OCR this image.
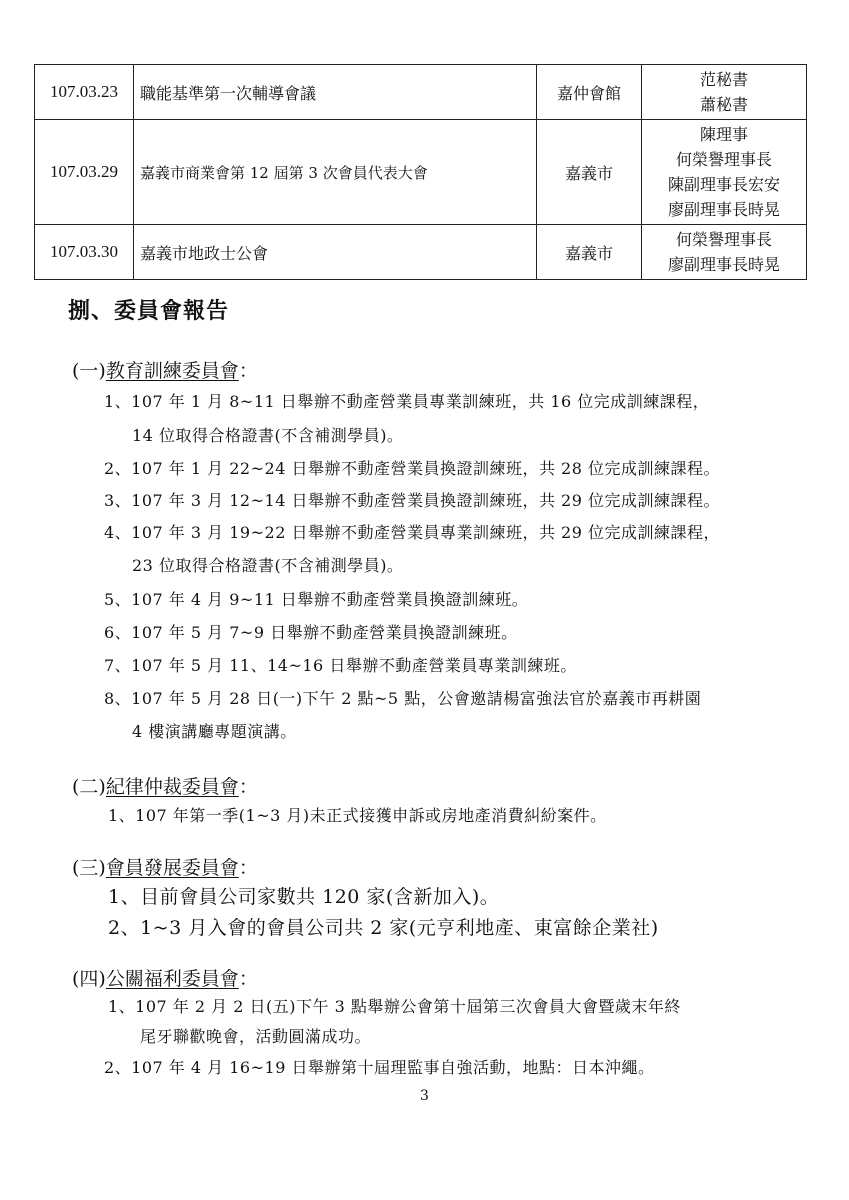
107.03.23	職能基準第一次輔導會議	嘉仲會館	范秘書
蕭秘書

107.03.29	嘉義市商業會第 12 屆第 3 次會員代表大會	嘉義市	陳理事
何榮譽理事長
陳副理事長宏安
廖副理事長時晃

107.03.30	嘉義市地政士公會	嘉義市	何榮譽理事長
廖副理事長時晃
捌、委員會報告
(一)教育訓練委員會：
1、107 年 1 月 8~11 日舉辦不動產營業員專業訓練班，共 16 位完成訓練課程，
14 位取得合格證書(不含補測學員)。
2、107 年 1 月 22~24 日舉辦不動產營業員換證訓練班，共 28 位完成訓練課程。
3、107 年 3 月 12~14 日舉辦不動產營業員換證訓練班，共 29 位完成訓練課程。
4、107 年 3 月 19~22 日舉辦不動產營業員專業訓練班，共 29 位完成訓練課程，
23 位取得合格證書(不含補測學員)。
5、107 年 4 月 9~11 日舉辦不動產營業員換證訓練班。
6、107 年 5 月 7~9 日舉辦不動產營業員換證訓練班。
7、107 年 5 月 11、14~16 日舉辦不動產營業員專業訓練班。
8、107 年 5 月 28 日(一)下午 2 點~5 點，公會邀請楊富強法官於嘉義市再耕園
4 樓演講廳專題演講。
(二)紀律仲裁委員會：
1、107 年第一季(1~3 月)未正式接獲申訴或房地產消費糾紛案件。
(三)會員發展委員會：
1、目前會員公司家數共 120 家(含新加入)。
2、1~3 月入會的會員公司共 2 家(元亨利地產、東富餘企業社)
(四)公關福利委員會：
1、107 年 2 月 2 日(五)下午 3 點舉辦公會第十屆第三次會員大會暨歲末年終
尾牙聯歡晚會，活動圓滿成功。
2、107 年 4 月 16~19 日舉辦第十屆理監事自強活動，地點：日本沖繩。
3
